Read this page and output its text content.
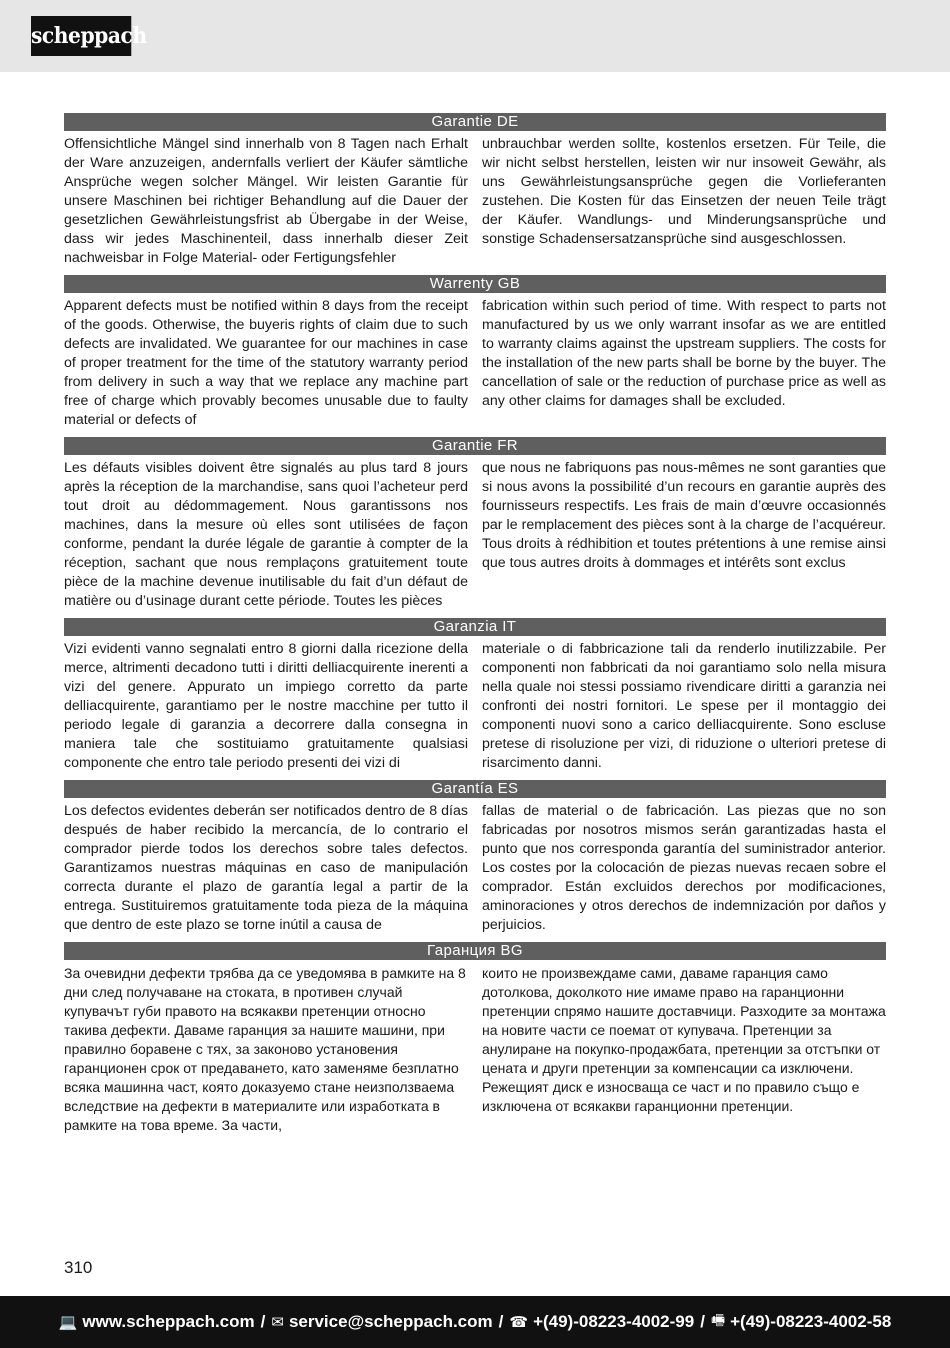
scheppach
Garantie DE

Offensichtliche Mängel sind innerhalb von 8 Tagen nach Erhalt der Ware anzuzeigen, andernfalls verliert der Käufer sämtliche Ansprüche wegen solcher Mängel. Wir leisten Garantie für unsere Maschinen bei richtiger Behandlung auf die Dauer der gesetzlichen Gewährleistungsfrist ab Übergabe in der Weise, dass wir jedes Maschinenteil, dass innerhalb dieser Zeit nachweisbar in Folge Material- oder Fertigungsfehler

unbrauchbar werden sollte, kostenlos ersetzen. Für Teile, die wir nicht selbst herstellen, leisten wir nur insoweit Gewähr, als uns Gewährleistungsansprüche gegen die Vorlieferanten zustehen. Die Kosten für das Einsetzen der neuen Teile trägt der Käufer. Wandlungs- und Minderungsansprüche und sonstige Schadensersatzansprüche sind ausgeschlossen.

Warrenty GB

Apparent defects must be notified within 8 days from the receipt of the goods. Otherwise, the buyeris rights of claim due to such defects are invalidated. We guarantee for our machines in case of proper treatment for the time of the statutory warranty period from delivery in such a way that we replace any machine part free of charge which provably becomes unusable due to faulty material or defects of

fabrication within such period of time. With respect to parts not manufactured by us we only warrant insofar as we are entitled to warranty claims against the upstream suppliers. The costs for the installation of the new parts shall be borne by the buyer. The cancellation of sale or the reduction of purchase price as well as any other claims for damages shall be excluded.

Garantie FR

Les défauts visibles doivent être signalés au plus tard 8 jours après la réception de la marchandise, sans quoi l’acheteur perd tout droit au dédommagement. Nous garantissons nos machines, dans la mesure où elles sont utilisées de façon conforme, pendant la durée légale de garantie à compter de la réception, sachant que nous remplaçons gratuitement toute pièce de la machine devenue inutilisable du fait d’un défaut de matière ou d’usinage durant cette période. Toutes les pièces

que nous ne fabriquons pas nous-mêmes ne sont garanties que si nous avons la possibilité d’un recours en garantie auprès des fournisseurs respectifs. Les frais de main d’œuvre occasionnés par le remplacement des pièces sont à la charge de l’acquéreur. Tous droits à rédhibition et toutes prétentions à une remise ainsi que tous autres droits à dommages et intérêts sont exclus

Garanzia IT

Vizi evidenti vanno segnalati entro 8 giorni dalla ricezione della merce, altrimenti decadono tutti i diritti delliacquirente inerenti a vizi del genere. Appurato un impiego corretto da parte delliacquirente, garantiamo per le nostre macchine per tutto il periodo legale di garanzia a decorrere dalla consegna in maniera tale che sostituiamo gratuitamente qualsiasi componente che entro tale periodo presenti dei vizi di

materiale o di fabbricazione tali da renderlo inutilizzabile. Per componenti non fabbricati da noi garantiamo solo nella misura nella quale noi stessi possiamo rivendicare diritti a garanzia nei confronti dei nostri fornitori. Le spese per il montaggio dei componenti nuovi sono a carico delliacquirente. Sono escluse pretese di risoluzione per vizi, di riduzione o ulteriori pretese di risarcimento danni.

Garantía ES

Los defectos evidentes deberán ser notificados dentro de 8 días después de haber recibido la mercancía, de lo contrario el comprador pierde todos los derechos sobre tales defectos. Garantizamos nuestras máquinas en caso de manipulación correcta durante el plazo de garantía legal a partir de la entrega. Sustituiremos gratuitamente toda pieza de la máquina que dentro de este plazo se torne inútil a causa de

fallas de material o de fabricación. Las piezas que no son fabricadas por nosotros mismos serán garantizadas hasta el punto que nos corresponda garantía del suministrador anterior. Los costes por la colocación de piezas nuevas recaen sobre el comprador. Están excluidos derechos por modificaciones, aminoraciones y otros derechos de indemnización por daños y perjuicios.

Гаранция BG

За очевидни дефекти трябва да се уведомява в рамките на 8 дни след получаване на стоката, в противен случай купувачът губи правото на всякакви претенции относно такива дефекти. Даваме гаранция за нашите машини, при правилно боравене с тях, за законово установения гаранционен срок от предаването, като заменяме безплатно всяка машинна част, която доказуемо стане неизползваема вследствие на дефекти в материалите или изработката в рамките на това време. За части,

които не произвеждаме сами, даваме гаранция само дотолкова, доколкото ние имаме право на гаранционни претенции спрямо нашите доставчици. Разходите за монтажа на новите части се поемат от купувача. Претенции за анулиране на покупко-продажбата, претенции за отстъпки от цената и други претенции за компенсации са изключени. Режещият диск е износваща се част и по правило също е изключена от всякакви гаранционни претенции.

310
💻 www.scheppach.com / ✉ service@scheppach.com / ☎ +(49)-08223-4002-99 / 🖷 +(49)-08223-4002-58
